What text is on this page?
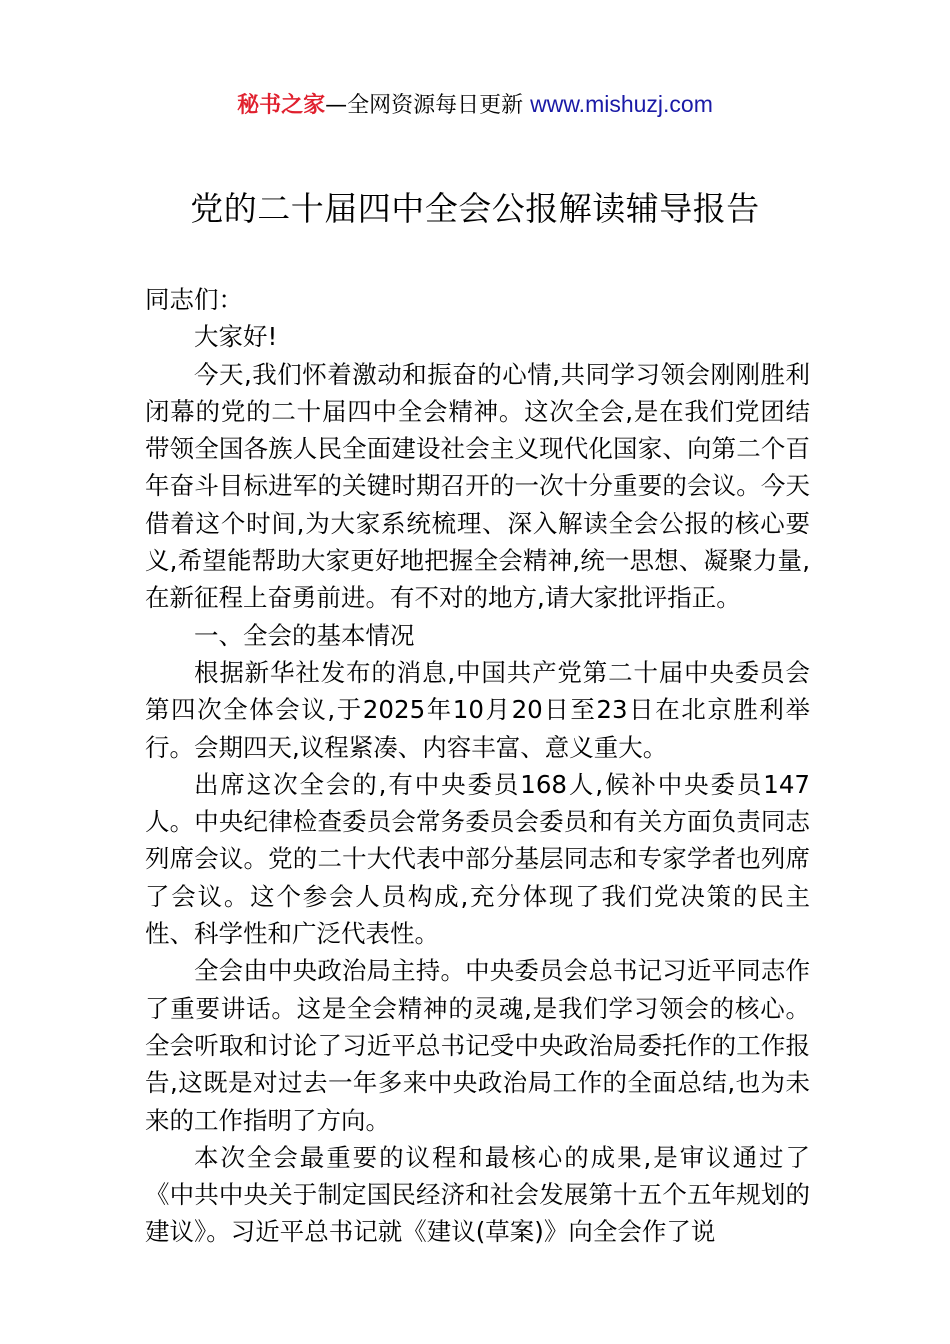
秘书之家—全网资源每日更新 www.mishuzj.com
党的二十届四中全会公报解读辅导报告

同志们：

大家好!

今天,我们怀着激动和振奋的心情,共同学习领会刚刚胜利闭幕的党的二十届四中全会精神。这次全会,是在我们党团结带领全国各族人民全面建设社会主义现代化国家、向第二个百年奋斗目标进军的关键时期召开的一次十分重要的会议。今天借着这个时间,为大家系统梳理、深入解读全会公报的核心要义,希望能帮助大家更好地把握全会精神,统一思想、凝聚力量,在新征程上奋勇前进。有不对的地方,请大家批评指正。

一、全会的基本情况

根据新华社发布的消息,中国共产党第二十届中央委员会第四次全体会议,于2025年10月20日至23日在北京胜利举行。会期四天,议程紧凑、内容丰富、意义重大。

出席这次全会的,有中央委员168人,候补中央委员147人。中央纪律检查委员会常务委员会委员和有关方面负责同志列席会议。党的二十大代表中部分基层同志和专家学者也列席了会议。这个参会人员构成,充分体现了我们党决策的民主性、科学性和广泛代表性。

全会由中央政治局主持。中央委员会总书记习近平同志作了重要讲话。这是全会精神的灵魂,是我们学习领会的核心。全会听取和讨论了习近平总书记受中央政治局委托作的工作报告,这既是对过去一年多来中央政治局工作的全面总结,也为未来的工作指明了方向。

本次全会最重要的议程和最核心的成果,是审议通过了《中共中央关于制定国民经济和社会发展第十五个五年规划的建议》。习近平总书记就《建议(草案)》向全会作了说
